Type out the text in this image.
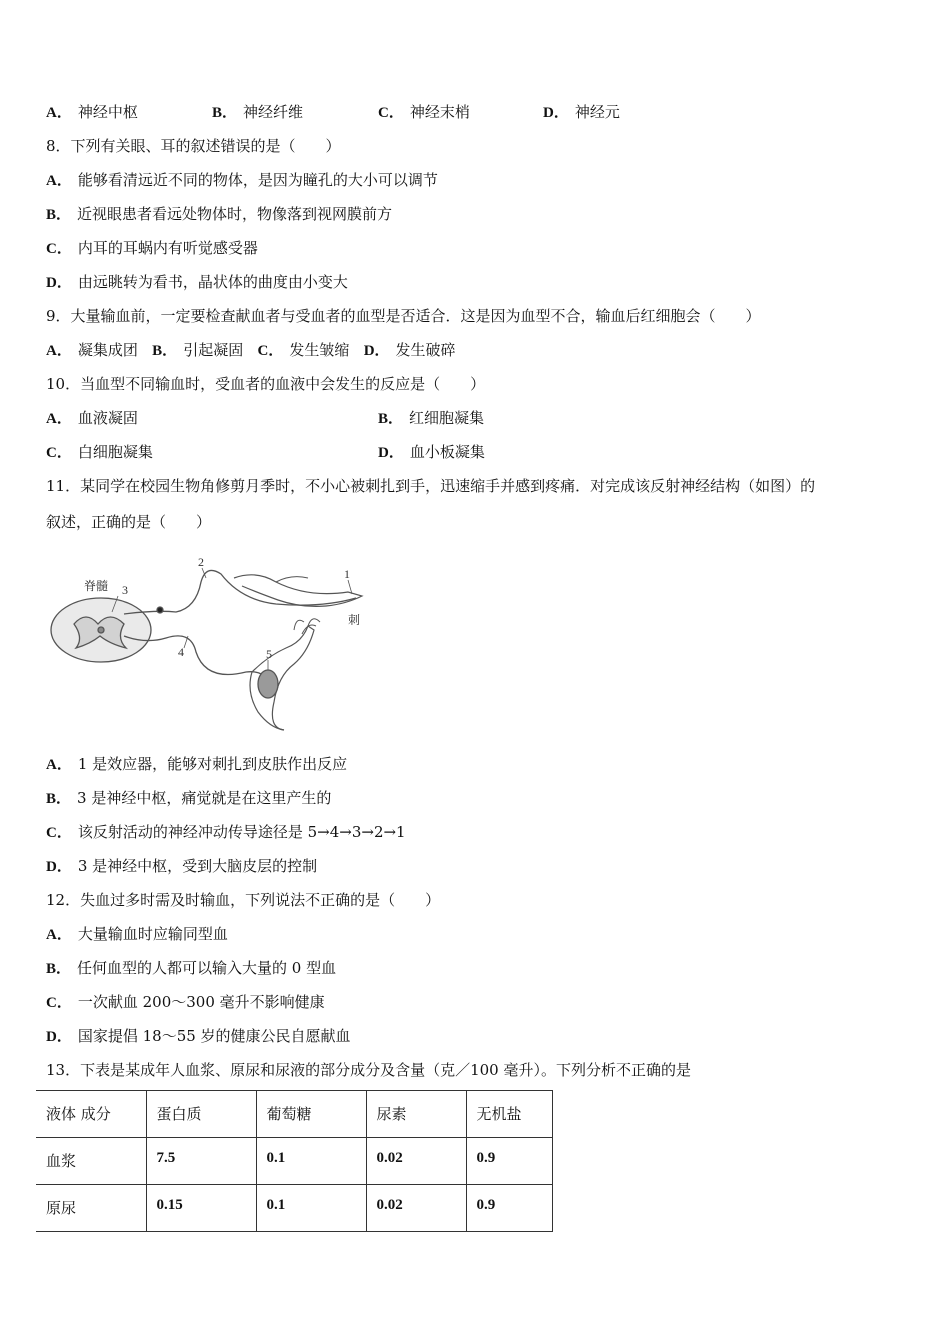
A． 神经中枢	B． 神经纤维	C． 神经末梢	D． 神经元
8．下列有关眼、耳的叙述错误的是（　　）
A． 能够看清远近不同的物体，是因为瞳孔的大小可以调节
B． 近视眼患者看远处物体时，物像落到视网膜前方
C． 内耳的耳蜗内有听觉感受器
D． 由远眺转为看书，晶状体的曲度由小变大
9．大量输血前，一定要检查献血者与受血者的血型是否适合．这是因为血型不合，输血后红细胞会（　　）
A． 凝集成团 B． 引起凝固 C． 发生皱缩 D． 发生破碎
10．当血型不同输血时，受血者的血液中会发生的反应是（　　）
A． 血液凝固	B． 红细胞凝集
C． 白细胞凝集	D． 血小板凝集
11．某同学在校园生物角修剪月季时，不小心被刺扎到手，迅速缩手并感到疼痛．对完成该反射神经结构（如图）的
叙述，正确的是（　　）
脊髓 3
2
1
刺
4	5
A． 1 是效应器，能够对刺扎到皮肤作出反应
B． 3 是神经中枢，痛觉就是在这里产生的
C． 该反射活动的神经冲动传导途径是 5→4→3→2→1
D． 3 是神经中枢，受到大脑皮层的控制
12．失血过多时需及时输血，下列说法不正确的是（　　）
A． 大量输血时应输同型血
B． 任何血型的人都可以输入大量的 0 型血
C． 一次献血 200～300 毫升不影响健康
D． 国家提倡 18～55 岁的健康公民自愿献血
13．下表是某成年人血浆、原尿和尿液的部分成分及含量（克／100 毫升）。下列分析不正确的是
液体 成分	蛋白质	葡萄糖	尿素	无机盐
血浆	7.5	0.1	0.02	0.9
原尿	0.15	0.1	0.02	0.9
